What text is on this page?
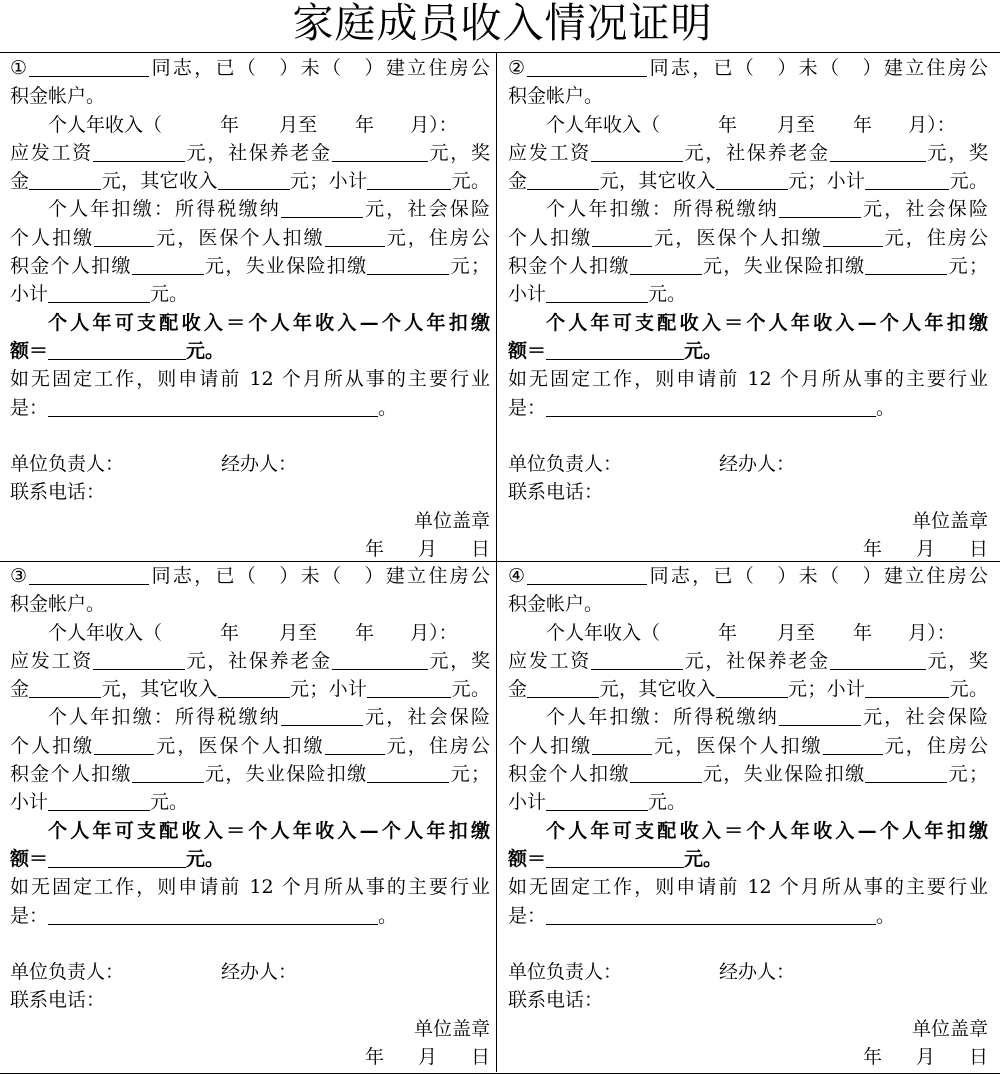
家庭成员收入情况证明
①	同志，已（　）未（　）建立住房公
积金帐户。
个人年收入（	年 月至 年 月）：
应发工资	元，社保养老金	元，奖
金	元，其它收入	元；小计	元。
个人年扣缴：所得税缴纳	元，社会保险
个人扣缴	元，医保个人扣缴	元，住房公
积金个人扣缴	元，失业保险扣缴	元；
小计	元。
个人年可支配收入＝个人年收入—个人年扣缴
额＝	元。
如无固定工作，则申请前 12 个月所从事的主要行业
是：	。
单位负责人：	经办人：
联系电话：
单位盖章
年 月 日
②	同志，已（　）未（　）建立住房公
积金帐户。
个人年收入（	年 月至 年 月）：
应发工资	元，社保养老金	元，奖
金	元，其它收入	元；小计	元。
个人年扣缴：所得税缴纳	元，社会保险
个人扣缴	元，医保个人扣缴	元，住房公
积金个人扣缴	元，失业保险扣缴	元；
小计	元。
个人年可支配收入＝个人年收入—个人年扣缴
额＝	元。
如无固定工作，则申请前 12 个月所从事的主要行业
是：	。
单位负责人：	经办人：
联系电话：
单位盖章
年 月 日
③	同志，已（　）未（　）建立住房公
积金帐户。
个人年收入（	年 月至 年 月）：
应发工资	元，社保养老金	元，奖
金	元，其它收入	元；小计	元。
个人年扣缴：所得税缴纳	元，社会保险
个人扣缴	元，医保个人扣缴	元，住房公
积金个人扣缴	元，失业保险扣缴	元；
小计	元。
个人年可支配收入＝个人年收入—个人年扣缴
额＝	元。
如无固定工作，则申请前 12 个月所从事的主要行业
是：	。
单位负责人：	经办人：
联系电话：
单位盖章
年 月 日
④	同志，已（　）未（　）建立住房公
积金帐户。
个人年收入（	年 月至 年 月）：
应发工资	元，社保养老金	元，奖
金	元，其它收入	元；小计	元。
个人年扣缴：所得税缴纳	元，社会保险
个人扣缴	元，医保个人扣缴	元，住房公
积金个人扣缴	元，失业保险扣缴	元；
小计	元。
个人年可支配收入＝个人年收入—个人年扣缴
额＝	元。
如无固定工作，则申请前 12 个月所从事的主要行业
是：	。
单位负责人：	经办人：
联系电话：
单位盖章
年 月 日
